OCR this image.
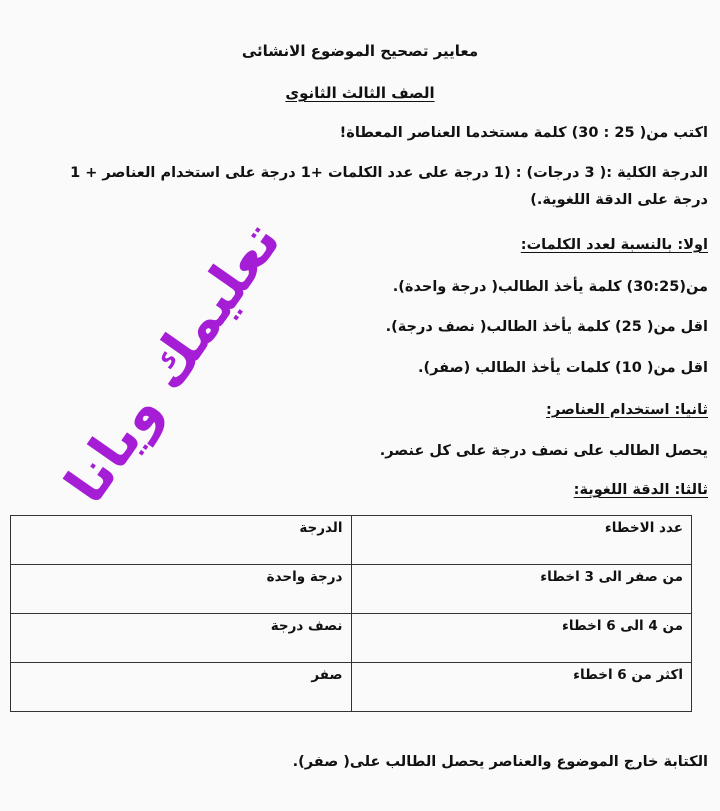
معايير تصحيح الموضوع الانشائى
الصف الثالث الثانوى
اكتب من( 25 : 30) كلمة مستخدما العناصر المعطاة!
الدرجة الكلية :( 3 درجات) : (1 درجة على عدد الكلمات +1 درجة على استخدام العناصر + 1 درجة على الدقة اللغوية.)
اولا: بالنسبة لعدد الكلمات:
من(30:25) كلمة يأخذ الطالب( درجة واحدة).
اقل من( 25) كلمة يأخذ الطالب( نصف درجة).
اقل من( 10) كلمات يأخذ الطالب (صفر).
ثانيا: استخدام العناصر:
يحصل الطالب على نصف درجة على كل عنصر.
ثالثا: الدقة اللغوية:
عدد الاخطاء	الدرجة
من صفر الى 3 اخطاء	درجة واحدة
من 4 الى 6 اخطاء	نصف درجة
اكثر من 6 اخطاء	صفر
الكتابة خارج الموضوع والعناصر يحصل الطالب على( صفر).
تعليمك ويانا
